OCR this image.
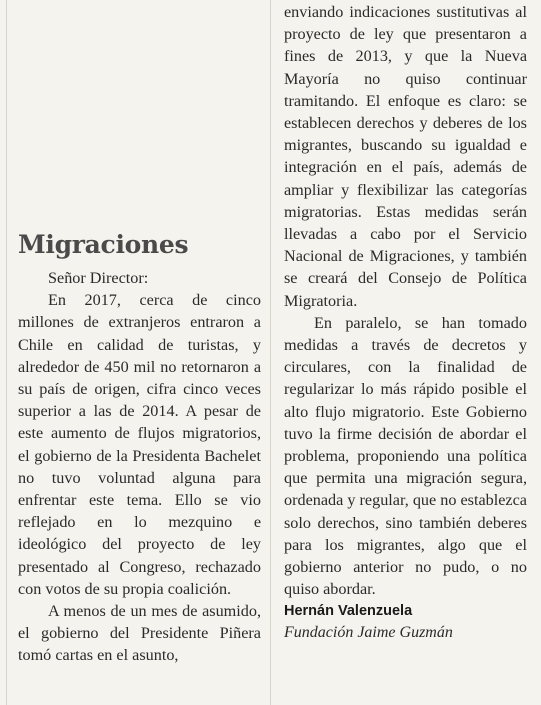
Migraciones
Señor Director:

En 2017, cerca de cinco millones de extranjeros entraron a Chile en calidad de turistas, y alrededor de 450 mil no retornaron a su país de origen, cifra cinco veces superior a las de 2014. A pesar de este aumento de flujos migratorios, el gobierno de la Presidenta Bachelet no tuvo voluntad alguna para enfrentar este tema. Ello se vio reflejado en lo mezquino e ideológico del proyecto de ley presentado al Congreso, rechazado con votos de su propia coalición.

A menos de un mes de asumido, el gobierno del Presidente Piñera tomó cartas en el asunto,

enviando indicaciones sustitutivas al proyecto de ley que presentaron a fines de 2013, y que la Nueva Mayoría no quiso continuar tramitando. El enfoque es claro: se establecen derechos y deberes de los migrantes, buscando su igualdad e integración en el país, además de ampliar y flexibilizar las categorías migratorias. Estas medidas serán llevadas a cabo por el Servicio Nacional de Migraciones, y también se creará del Consejo de Política Migratoria.

En paralelo, se han tomado medidas a través de decretos y circulares, con la finalidad de regularizar lo más rápido posible el alto flujo migratorio. Este Gobierno tuvo la firme decisión de abordar el problema, proponiendo una política que permita una migración segura, ordenada y regular, que no establezca solo derechos, sino también deberes para los migrantes, algo que el gobierno anterior no pudo, o no quiso abordar.

Hernán Valenzuela
Fundación Jaime Guzmán
